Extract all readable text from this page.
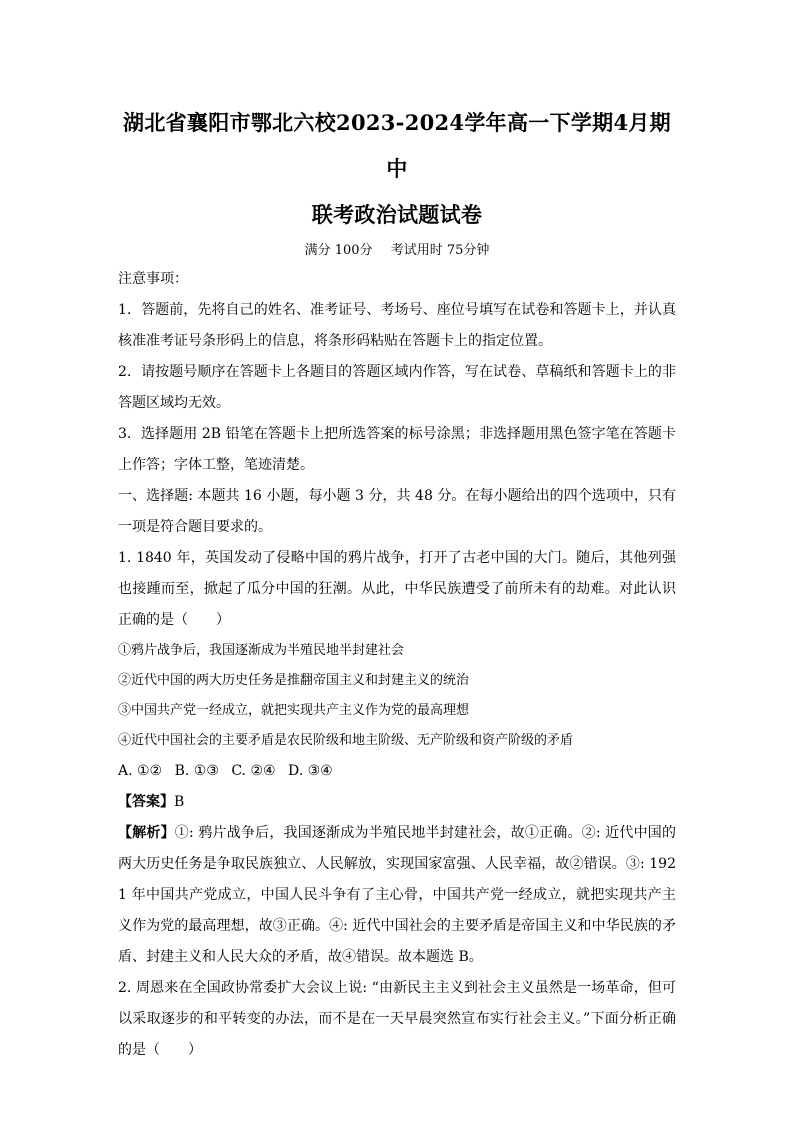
湖北省襄阳市鄂北六校2023-2024学年高一下学期4月期中
联考政治试题试卷
满分 100分 考试用时 75分钟
注意事项：
1．答题前，先将自己的姓名、准考证号、考场号、座位号填写在试卷和答题卡上，并认真核准准考证号条形码上的信息，将条形码粘贴在答题卡上的指定位置。
2．请按题号顺序在答题卡上各题目的答题区域内作答，写在试卷、草稿纸和答题卡上的非答题区域均无效。
3．选择题用 2B 铅笔在答题卡上把所选答案的标号涂黑；非选择题用黑色签字笔在答题卡上作答；字体工整，笔迹清楚。
一、选择题: 本题共 16 小题，每小题 3 分，共 48 分。在每小题给出的四个选项中，只有一项是符合题目要求的。
1. 1840 年，英国发动了侵略中国的鸦片战争，打开了古老中国的大门。随后，其他列强也接踵而至，掀起了瓜分中国的狂潮。从此，中华民族遭受了前所未有的劫难。对此认识正确的是（　　）
①鸦片战争后，我国逐渐成为半殖民地半封建社会
②近代中国的两大历史任务是推翻帝国主义和封建主义的统治
③中国共产党一经成立，就把实现共产主义作为党的最高理想
④近代中国社会的主要矛盾是农民阶级和地主阶级、无产阶级和资产阶级的矛盾
A. ①② B. ①③ C. ②④ D. ③④
【答案】B
【解析】①: 鸦片战争后，我国逐渐成为半殖民地半封建社会，故①正确。②: 近代中国的两大历史任务是争取民族独立、人民解放，实现国家富强、人民幸福，故②错误。③: 1921 年中国共产党成立，中国人民斗争有了主心骨，中国共产党一经成立，就把实现共产主义作为党的最高理想，故③正确。④: 近代中国社会的主要矛盾是帝国主义和中华民族的矛盾、封建主义和人民大众的矛盾，故④错误。故本题选 B。
2. 周恩来在全国政协常委扩大会议上说: “由新民主主义到社会主义虽然是一场革命，但可以采取逐步的和平转变的办法，而不是在一天早晨突然宣布实行社会主义。”下面分析正确的是（　　）
